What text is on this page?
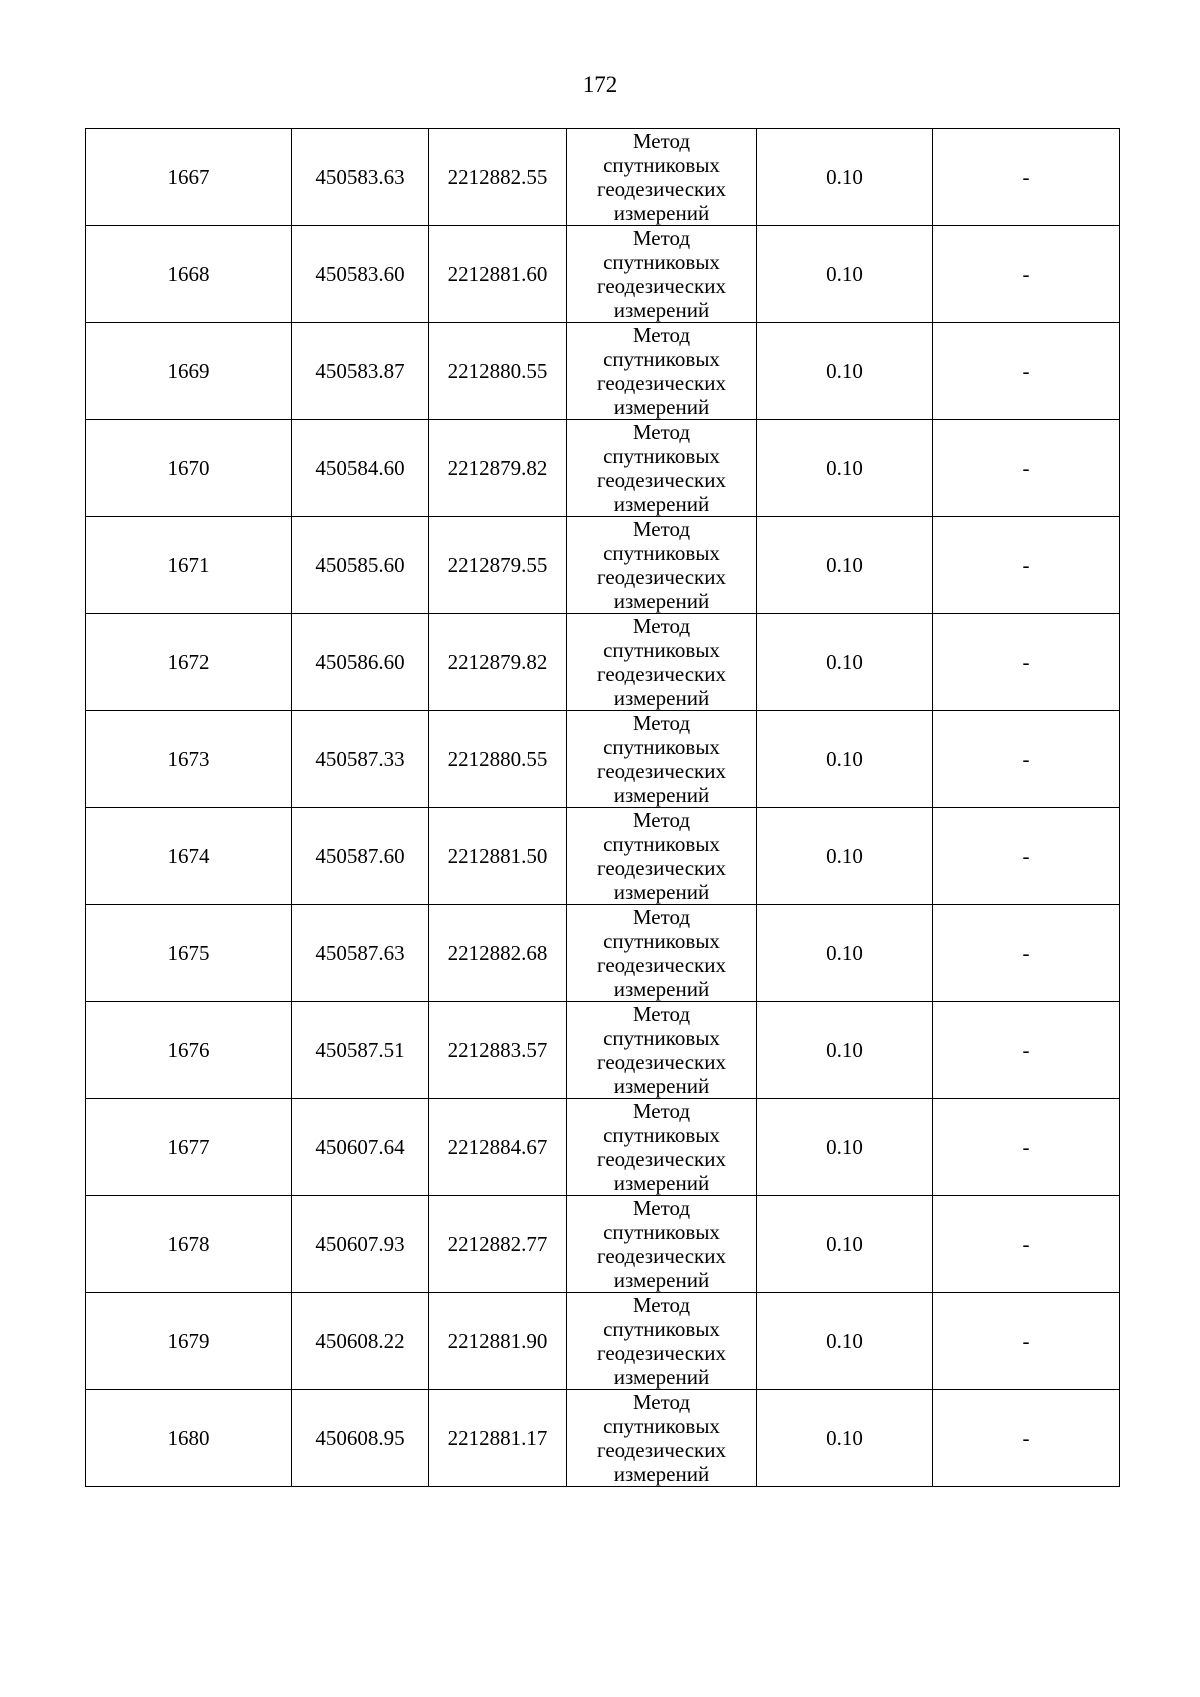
172
1667	450583.63	2212882.55	Метод
спутниковых
геодезических
измерений	0.10	-
1668	450583.60	2212881.60	Метод
спутниковых
геодезических
измерений	0.10	-
1669	450583.87	2212880.55	Метод
спутниковых
геодезических
измерений	0.10	-
1670	450584.60	2212879.82	Метод
спутниковых
геодезических
измерений	0.10	-
1671	450585.60	2212879.55	Метод
спутниковых
геодезических
измерений	0.10	-
1672	450586.60	2212879.82	Метод
спутниковых
геодезических
измерений	0.10	-
1673	450587.33	2212880.55	Метод
спутниковых
геодезических
измерений	0.10	-
1674	450587.60	2212881.50	Метод
спутниковых
геодезических
измерений	0.10	-
1675	450587.63	2212882.68	Метод
спутниковых
геодезических
измерений	0.10	-
1676	450587.51	2212883.57	Метод
спутниковых
геодезических
измерений	0.10	-
1677	450607.64	2212884.67	Метод
спутниковых
геодезических
измерений	0.10	-
1678	450607.93	2212882.77	Метод
спутниковых
геодезических
измерений	0.10	-
1679	450608.22	2212881.90	Метод
спутниковых
геодезических
измерений	0.10	-
1680	450608.95	2212881.17	Метод
спутниковых
геодезических
измерений	0.10	-
